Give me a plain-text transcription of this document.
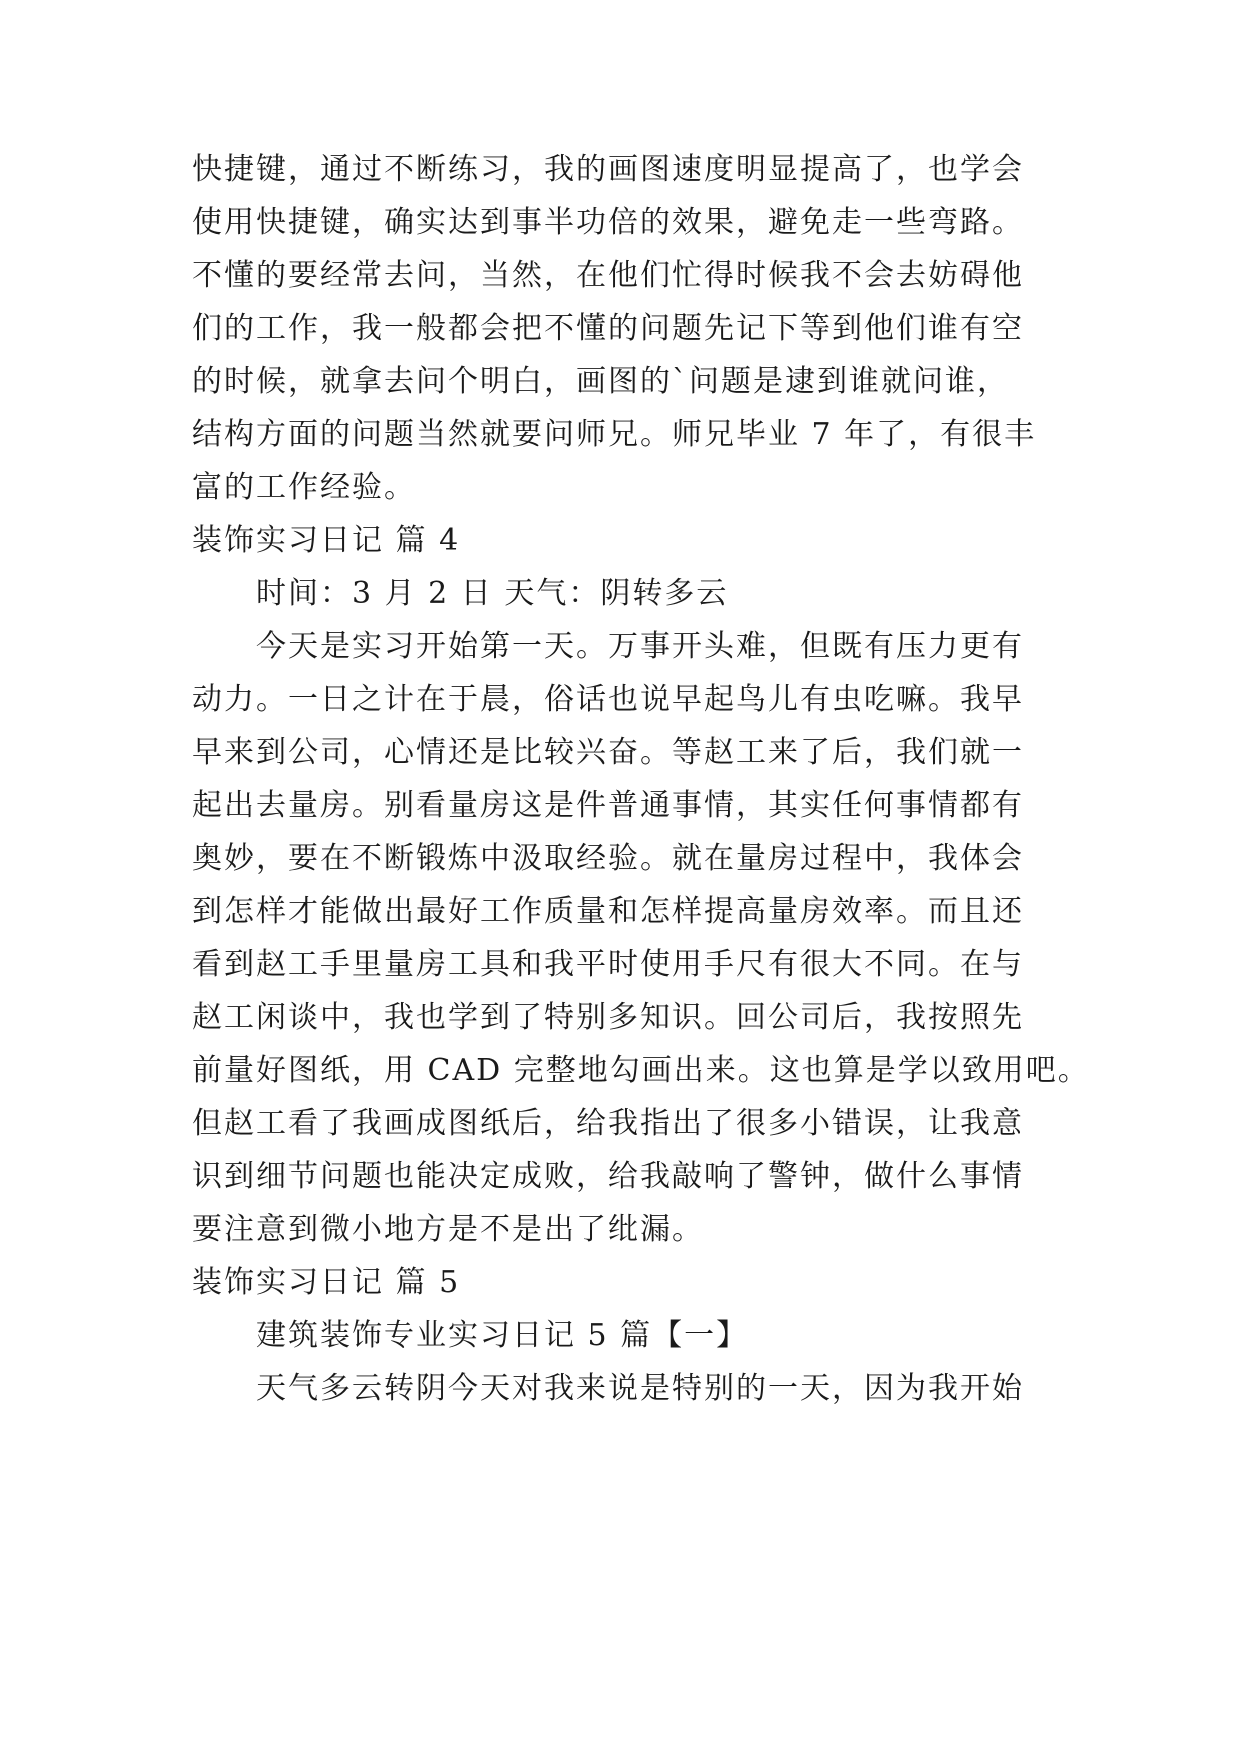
快捷键，通过不断练习，我的画图速度明显提高了，也学会
使用快捷键，确实达到事半功倍的效果，避免走一些弯路。
不懂的要经常去问，当然，在他们忙得时候我不会去妨碍他
们的工作，我一般都会把不懂的问题先记下等到他们谁有空
的时候，就拿去问个明白，画图的`问题是逮到谁就问谁，
结构方面的问题当然就要问师兄。师兄毕业 7 年了，有很丰
富的工作经验。
装饰实习日记 篇 4
时间：3 月 2 日 天气：阴转多云
今天是实习开始第一天。万事开头难，但既有压力更有
动力。一日之计在于晨，俗话也说早起鸟儿有虫吃嘛。我早
早来到公司，心情还是比较兴奋。等赵工来了后，我们就一
起出去量房。别看量房这是件普通事情，其实任何事情都有
奥妙，要在不断锻炼中汲取经验。就在量房过程中，我体会
到怎样才能做出最好工作质量和怎样提高量房效率。而且还
看到赵工手里量房工具和我平时使用手尺有很大不同。在与
赵工闲谈中，我也学到了特别多知识。回公司后，我按照先
前量好图纸，用 CAD 完整地勾画出来。这也算是学以致用吧。
但赵工看了我画成图纸后，给我指出了很多小错误，让我意
识到细节问题也能决定成败，给我敲响了警钟，做什么事情
要注意到微小地方是不是出了纰漏。
装饰实习日记 篇 5
建筑装饰专业实习日记 5 篇【一】
天气多云转阴今天对我来说是特别的一天，因为我开始
